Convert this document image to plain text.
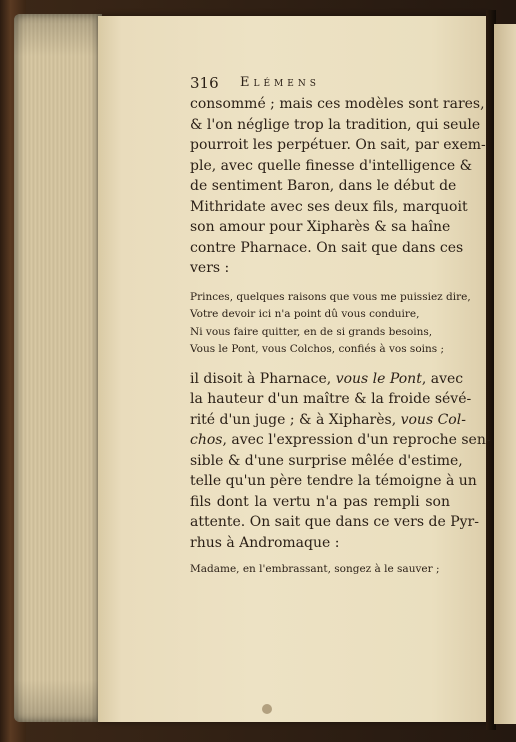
316 Elémens
consommé ; mais ces modèles sont rares,
& l'on néglige trop la tradition, qui seule
pourroit les perpétuer. On sait, par exem-
ple, avec quelle finesse d'intelligence &
de sentiment Baron, dans le début de
Mithridate avec ses deux fils, marquoit
son amour pour Xipharès & sa haîne
contre Pharnace. On sait que dans ces
vers :
Princes, quelques raisons que vous me puissiez dire,
Votre devoir ici n'a point dû vous conduire,
Ni vous faire quitter, en de si grands besoins,
Vous le Pont, vous Colchos, confiés à vos soins ;
il disoit à Pharnace, vous le Pont, avec
la hauteur d'un maître & la froide sévé-
rité d'un juge ; & à Xipharès, vous Col-
chos, avec l'expression d'un reproche sen-
sible & d'une surprise mêlée d'estime,
telle qu'un père tendre la témoigne à un
fils dont la vertu n'a pas rempli son
attente. On sait que dans ce vers de Pyr-
rhus à Andromaque :
Madame, en l'embrassant, songez à le sauver ;
